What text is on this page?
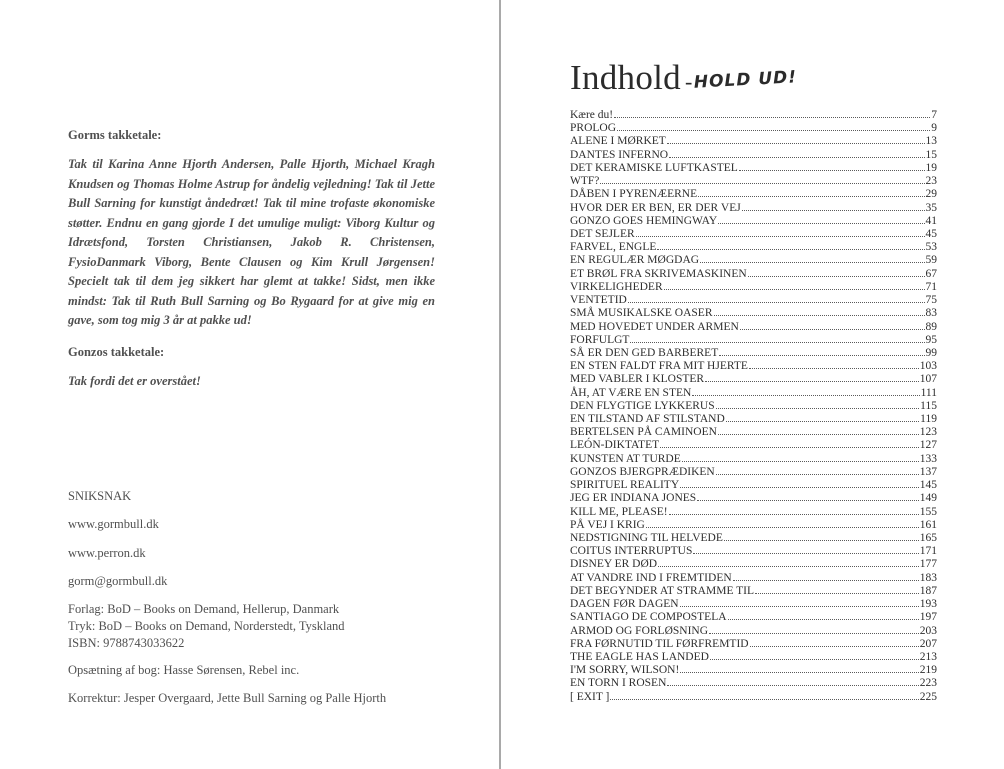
Gorms takketale:
Tak til Karina Anne Hjorth Andersen, Palle Hjorth, Michael Kragh Knudsen og Thomas Holme Astrup for åndelig vejledning! Tak til Jette Bull Sarning for kunstigt åndedræt! Tak til mine trofaste økonomiske støtter. Endnu en gang gjorde I det umulige muligt: Viborg Kultur og Idrætsfond, Torsten Christiansen, Jakob R. Christensen, FysioDanmark Viborg, Bente Clausen og Kim Krull Jørgensen! Specielt tak til dem jeg sikkert har glemt at takke! Sidst, men ikke mindst: Tak til Ruth Bull Sarning og Bo Rygaard for at give mig en gave, som tog mig 3 år at pakke ud!
Gonzos takketale:
Tak fordi det er overstået!
SNIKSNAK
www.gormbull.dk
www.perron.dk
gorm@gormbull.dk
Forlag: BoD – Books on Demand, Hellerup, Danmark
Tryk: BoD – Books on Demand, Norderstedt, Tyskland
ISBN: 9788743033622
Opsætning af bog: Hasse Sørensen, Rebel inc.
Korrektur: Jesper Overgaard, Jette Bull Sarning og Palle Hjorth
Indhold -HOLD UD!
Kære du!	7
PROLOG	9
ALENE I MØRKET	13
DANTES INFERNO	15
DET KERAMISKE LUFTKASTEL	19
WTF?	23
DÅBEN I PYRENÆERNE	29
HVOR DER ER BEN, ER DER VEJ	35
GONZO GOES HEMINGWAY	41
DET SEJLER	45
FARVEL, ENGLE	53
EN REGULÆR MØGDAG	59
ET BRØL FRA SKRIVEMASKINEN	67
VIRKELIGHEDER	71
VENTETID	75
SMÅ MUSIKALSKE OASER	83
MED HOVEDET UNDER ARMEN	89
FORFULGT	95
SÅ ER DEN GED BARBERET	99
EN STEN FALDT FRA MIT HJERTE	103
MED VABLER I KLOSTER	107
ÅH, AT VÆRE EN STEN	111
DEN FLYGTIGE LYKKERUS	115
EN TILSTAND AF STILSTAND	119
BERTELSEN PÅ CAMINOEN	123
LEÓN-DIKTATET	127
KUNSTEN AT TURDE	133
GONZOS BJERGPRÆDIKEN	137
SPIRITUEL REALITY	145
JEG ER INDIANA JONES	149
KILL ME, PLEASE!	155
PÅ VEJ I KRIG	161
NEDSTIGNING TIL HELVEDE	165
COITUS INTERRUPTUS	171
DISNEY ER DØD	177
AT VANDRE IND I FREMTIDEN	183
DET BEGYNDER AT STRAMME TIL	187
DAGEN FØR DAGEN	193
SANTIAGO DE COMPOSTELA	197
ARMOD OG FORLØSNING	203
FRA FØRNUTID TIL FØRFREMTID	207
THE EAGLE HAS LANDED	213
I'M SORRY, WILSON!	219
EN TORN I ROSEN	223
[ EXIT ]	225
